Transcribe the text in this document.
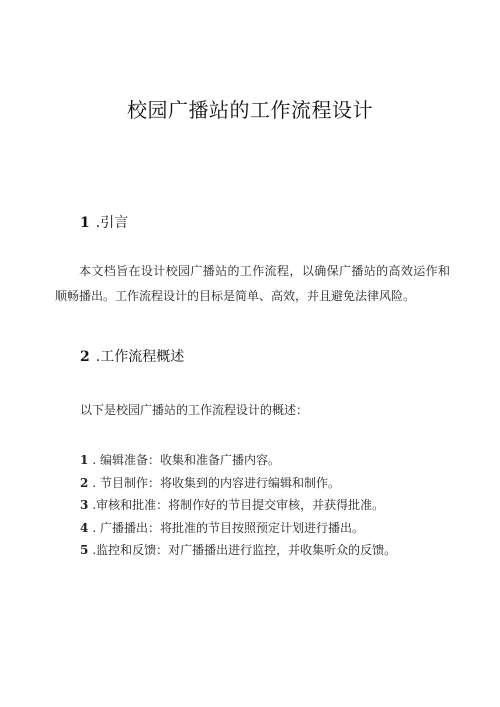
校园广播站的工作流程设计
1 .引言

本文档旨在设计校园广播站的工作流程，以确保广播站的高效运作和顺畅播出。工作流程设计的目标是简单、高效，并且避免法律风险。

2 .工作流程概述

以下是校园广播站的工作流程设计的概述：

1 . 编辑准备：收集和准备广播内容。
2 . 节目制作：将收集到的内容进行编辑和制作。
3 .审核和批准：将制作好的节目提交审核，并获得批准。
4 . 广播播出：将批准的节目按照预定计划进行播出。
5 .监控和反馈：对广播播出进行监控，并收集听众的反馈。
